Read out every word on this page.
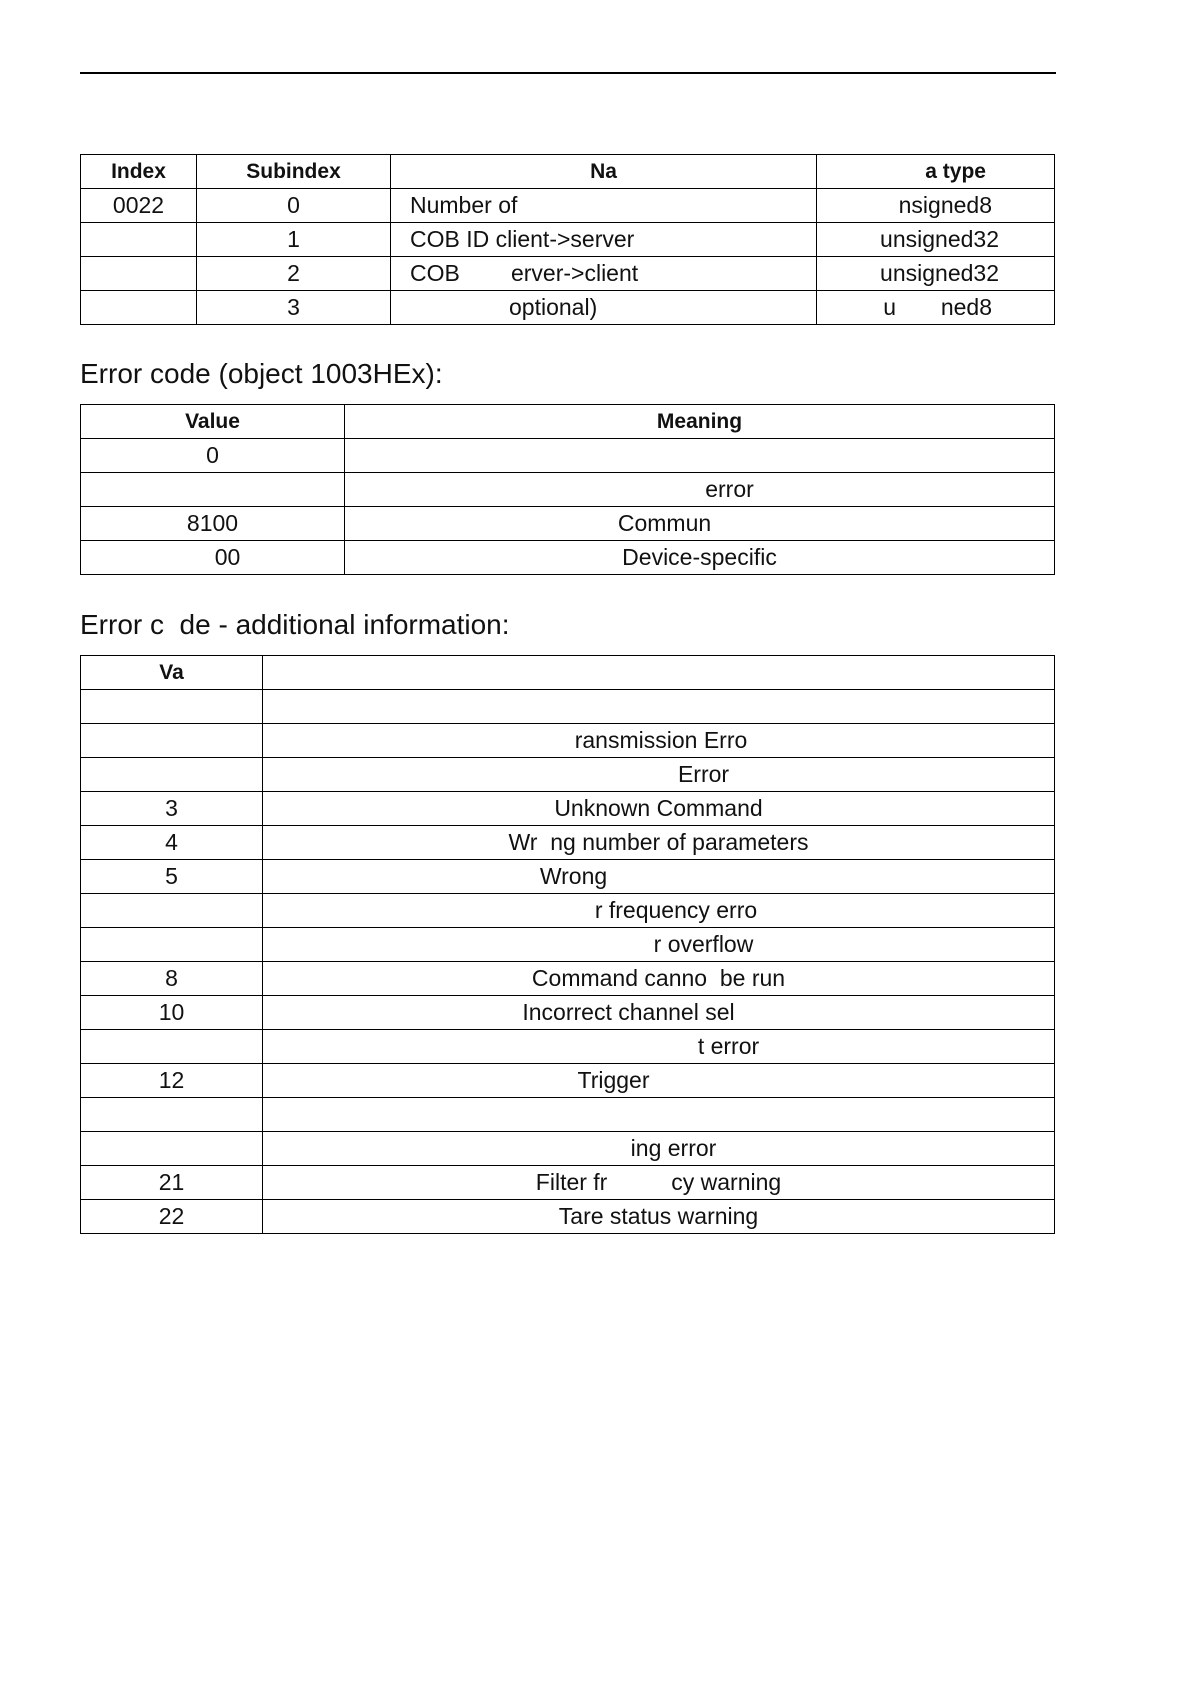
Index	Subindex	Na	a type
0022	0	Number of	nsigned8
	1	COB ID client->server	unsigned32
	2	COB        erver->client	unsigned32
	3	optional)	u       ned8
Error code (object 1003HEx):
Value	Meaning
0	
	error
8100	Commun
00	Device-specific
Error c  de - additional information:
Va	

	ransmission Erro
	Error
3	Unknown Command
4	Wr  ng number of parameters
5	Wrong
	r frequency erro
	r overflow
8	Command canno  be run
10	Incorrect channel sel
	t error
12	Trigger

	ing error
21	Filter fr          cy warning
22	Tare status warning
